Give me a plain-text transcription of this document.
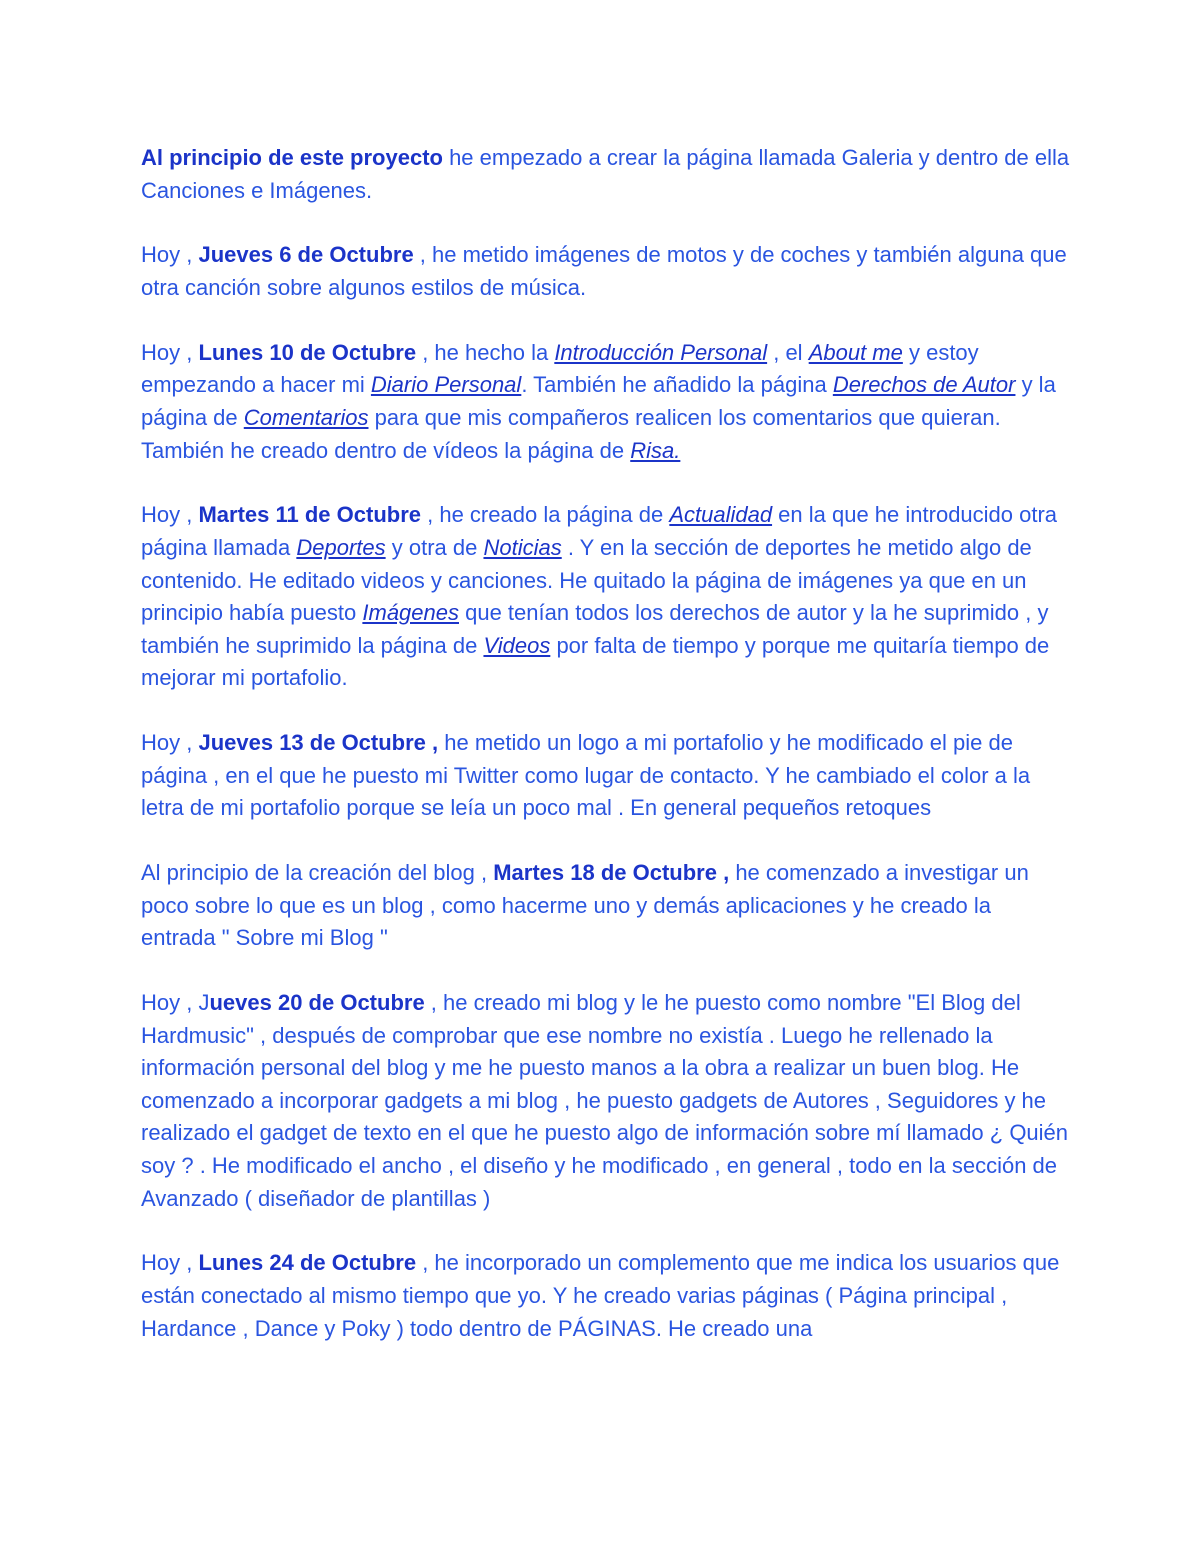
Al principio de este proyecto he empezado a crear la página llamada Galeria y dentro de ella Canciones e Imágenes.

Hoy , Jueves 6 de Octubre , he metido imágenes de motos y de coches y también alguna que otra canción sobre algunos estilos de música.

Hoy , Lunes 10 de Octubre , he hecho la Introducción Personal , el About me y estoy empezando a hacer mi Diario Personal. También he añadido la página Derechos de Autor y la página de Comentarios para que mis compañeros realicen los comentarios que quieran. También he creado dentro de vídeos la página de Risa.

Hoy , Martes 11 de Octubre , he creado la página de Actualidad en la que he introducido otra página llamada Deportes y otra de Noticias . Y en la sección de deportes he metido algo de contenido. He editado videos y canciones. He quitado la página de imágenes ya que en un principio había puesto Imágenes que tenían todos los derechos de autor y la he suprimido , y también he suprimido la página de Videos por falta de tiempo y porque me quitaría tiempo de mejorar mi portafolio.

Hoy , Jueves 13 de Octubre , he metido un logo a mi portafolio y he modificado el pie de página , en el que he puesto mi Twitter como lugar de contacto. Y he cambiado el color a la letra de mi portafolio porque se leía un poco mal . En general pequeños retoques

Al principio de la creación del blog , Martes 18 de Octubre , he comenzado a investigar un poco sobre lo que es un blog , como hacerme uno y demás aplicaciones y he creado la entrada " Sobre mi Blog "

Hoy , Jueves 20 de Octubre , he creado mi blog y le he puesto como nombre "El Blog del Hardmusic" , después de comprobar que ese nombre no existía . Luego he rellenado la información personal del blog y me he puesto manos a la obra a realizar un buen blog. He comenzado a incorporar gadgets a mi blog , he puesto gadgets de Autores , Seguidores y he realizado el gadget de texto en el que he puesto algo de información sobre mí llamado ¿ Quién soy ? . He modificado el ancho , el diseño y he modificado , en general , todo en la sección de Avanzado ( diseñador de plantillas )

Hoy , Lunes 24 de Octubre , he incorporado un complemento que me indica los usuarios que están conectado al mismo tiempo que yo. Y he creado varias páginas ( Página principal , Hardance , Dance y Poky ) todo dentro de PÁGINAS. He creado una
